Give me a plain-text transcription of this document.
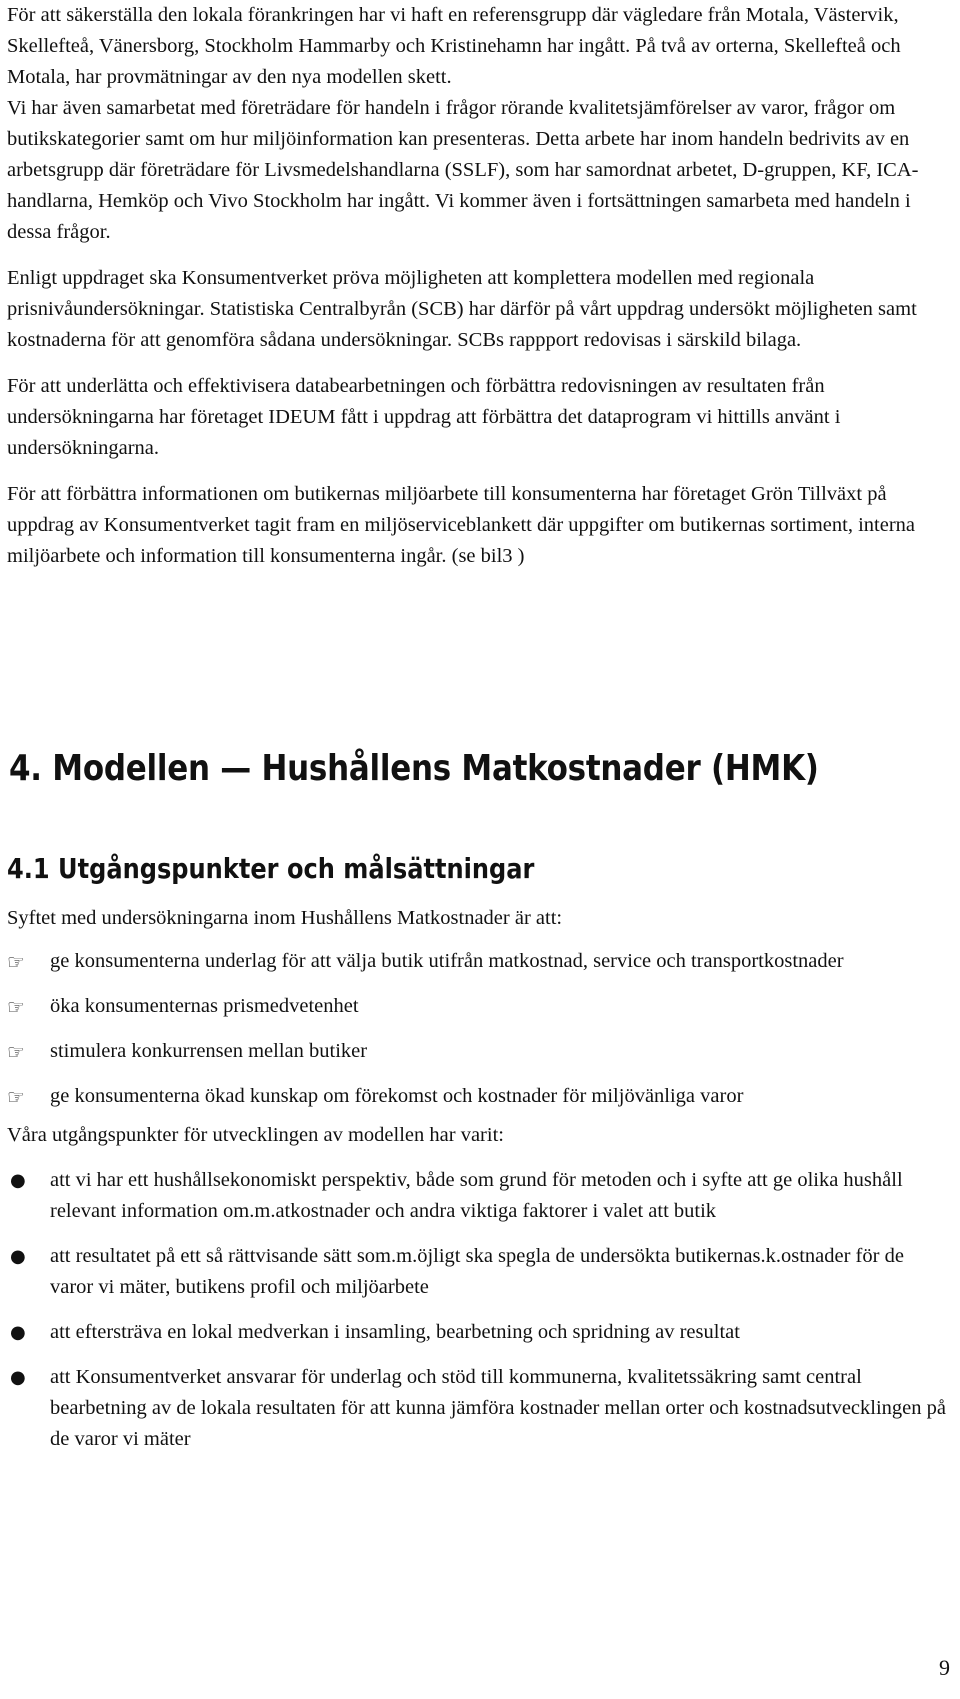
För att säkerställa den lokala förankringen har vi haft en referensgrupp där vägledare från Motala, Västervik, Skellefteå, Vänersborg, Stockholm Hammarby och Kristinehamn har ingått. På två av orterna, Skellefteå och Motala, har provmätningar av den nya modellen skett.

Vi har även samarbetat med företrädare för handeln i frågor rörande kvalitetsjämförelser av varor, frågor om butikskategorier samt om hur miljöinformation kan presenteras. Detta arbete har inom handeln bedrivits av en arbetsgrupp där företrädare för Livsmedelshandlarna (SSLF), som har samordnat arbetet, D-gruppen, KF, ICA-handlarna, Hemköp och Vivo Stockholm har ingått. Vi kommer även i fortsättningen samarbeta med handeln i dessa frågor.

Enligt uppdraget ska Konsumentverket pröva möjligheten att komplettera modellen med regionala prisnivåundersökningar. Statistiska Centralbyrån (SCB) har därför på vårt uppdrag undersökt möjligheten samt kostnaderna för att genomföra sådana undersökningar. SCBs rappport redovisas i särskild bilaga.

För att underlätta och effektivisera databearbetningen och förbättra redovisningen av resultaten från undersökningarna har företaget IDEUM fått i uppdrag att förbättra det dataprogram vi hittills använt i undersökningarna.

För att förbättra informationen om butikernas miljöarbete till konsumenterna har företaget Grön Tillväxt på uppdrag av Konsumentverket tagit fram en miljöserviceblankett där uppgifter om butikernas sortiment, interna miljöarbete och information till konsumenterna ingår. (se bil3 )

4. Modellen — Hushållens Matkostnader (HMK)
4.1 Utgångspunkter och målsättningar

Syftet med undersökningarna inom Hushållens Matkostnader är att:

☞ ge konsumenterna underlag för att välja butik utifrån matkostnad, service och transportkostnader
☞ öka konsumenternas prismedvetenhet
☞ stimulera konkurrensen mellan butiker
☞ ge konsumenterna ökad kunskap om förekomst och kostnader för miljövänliga varor

Våra utgångspunkter för utvecklingen av modellen har varit:

● att vi har ett hushållsekonomiskt perspektiv, både som grund för metoden och i syfte att ge olika hushåll relevant information om.m.atkostnader och andra viktiga faktorer i valet att butik
● att resultatet på ett så rättvisande sätt som.m.öjligt ska spegla de undersökta butikernas.k.ostnader för de varor vi mäter, butikens profil och miljöarbete
● att eftersträva en lokal medverkan i insamling, bearbetning och spridning av resultat
● att Konsumentverket ansvarar för underlag och stöd till kommunerna, kvalitetssäkring samt central bearbetning av de lokala resultaten för att kunna jämföra kostnader mellan orter och kostnadsutvecklingen på de varor vi mäter
9
